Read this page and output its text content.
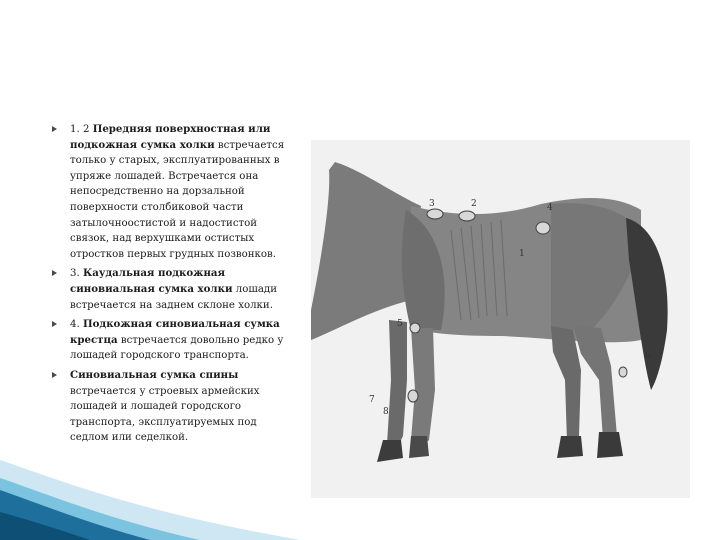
1. 2 Передняя поверхностная или подкожная сумка холки встречается только у старых, эксплуатированных в упряже лошадей. Встречается она непосредственно на дорзальной поверхности столбиковой части затылочноостистой и надостистой связок, над верхушками остистых отростков первых грудных позвонков.
3. Каудальная подкожная синовиальная сумка холки лошади встречается на заднем склоне холки.
4. Подкожная синовиальная сумка крестца встречается довольно редко у лошадей городского транспорта.
Синовиальная сумка спины встречается у строевых армейских лошадей и лошадей городского транспорта, эксплуатируемых под седлом или седелкой.
3	2	4
1
5
6
7
8
